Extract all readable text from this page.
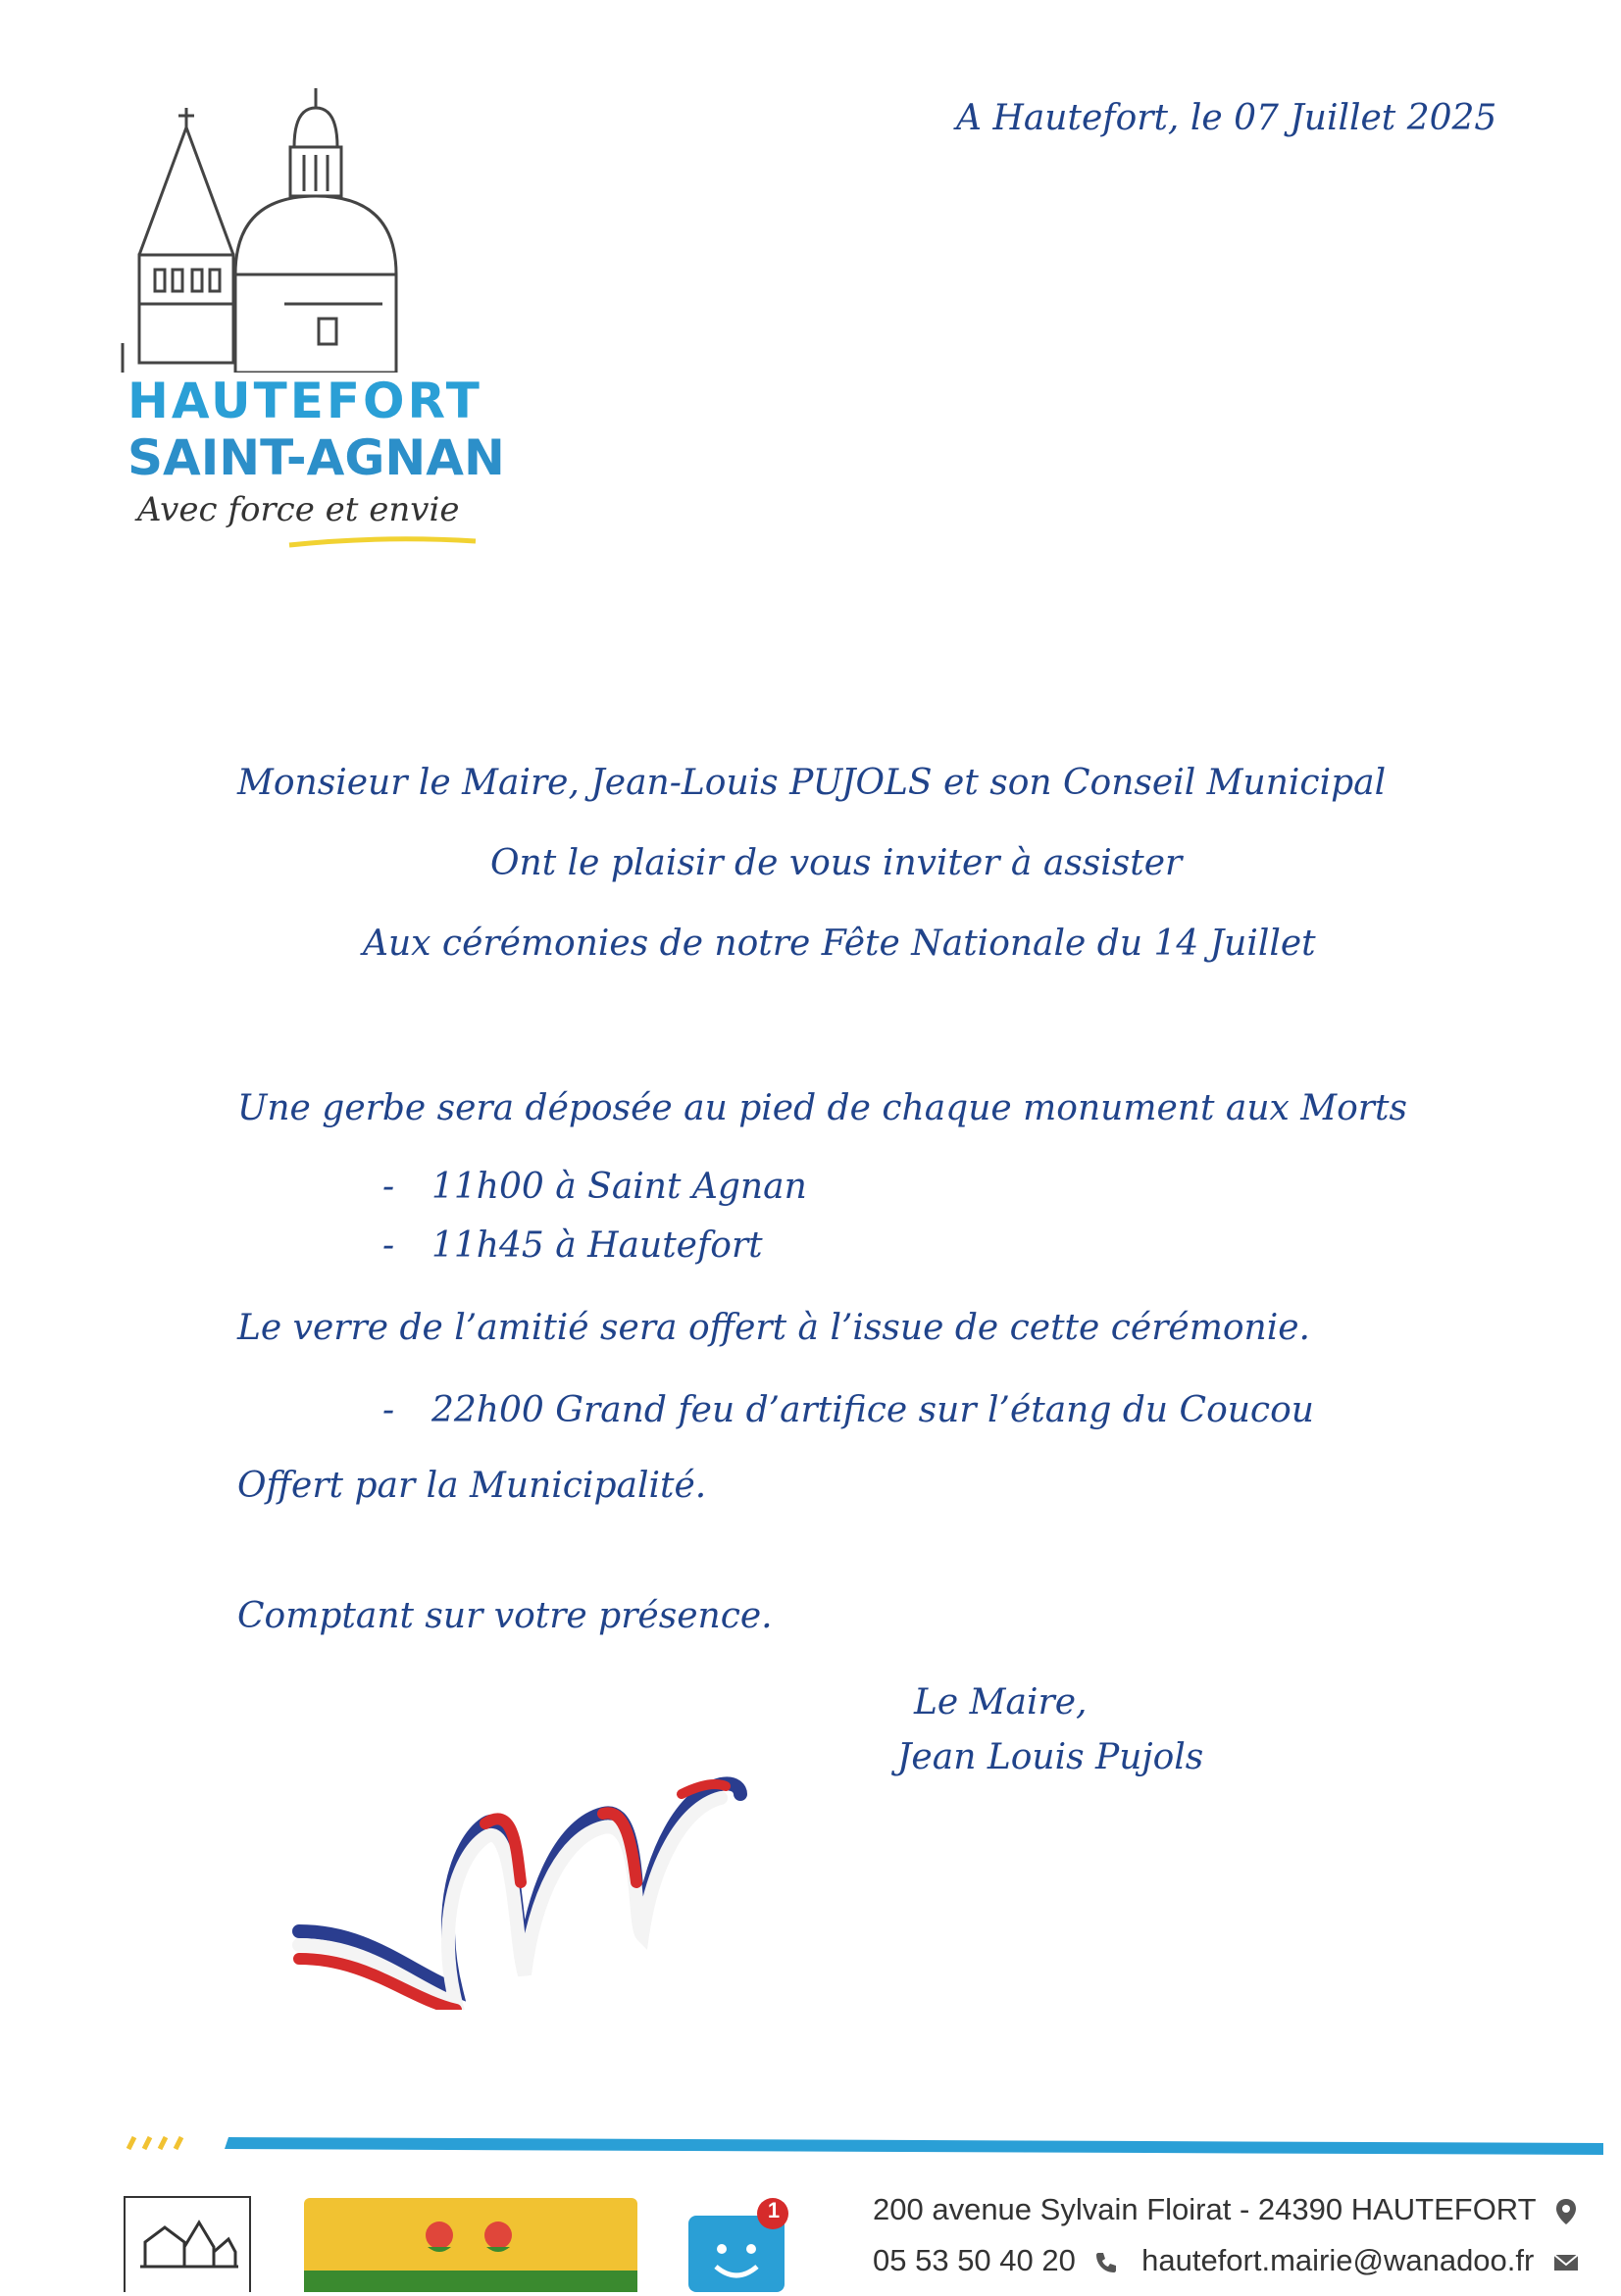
HAUTEFORT
SAINT-AGNAN
Avec force et envie
A Hautefort, le 07 Juillet 2025
Monsieur le Maire, Jean-Louis PUJOLS et son Conseil Municipal
Ont le plaisir de vous inviter à assister
Aux cérémonies de notre Fête Nationale du 14 Juillet
Une gerbe sera déposée au pied de chaque monument aux Morts
- 11h00 à Saint Agnan
- 11h45 à Hautefort
Le verre de l’amitié sera offert à l’issue de cette cérémonie.
- 22h00 Grand feu d’artifice sur l’étang du Coucou
Offert par la Municipalité.
Comptant sur votre présence.
Le Maire,
Jean Louis Pujols
1	200 avenue Sylvain Floirat - 24390 HAUTEFORT
05 53 50 40 20 hautefort.mairie@wanadoo.fr
